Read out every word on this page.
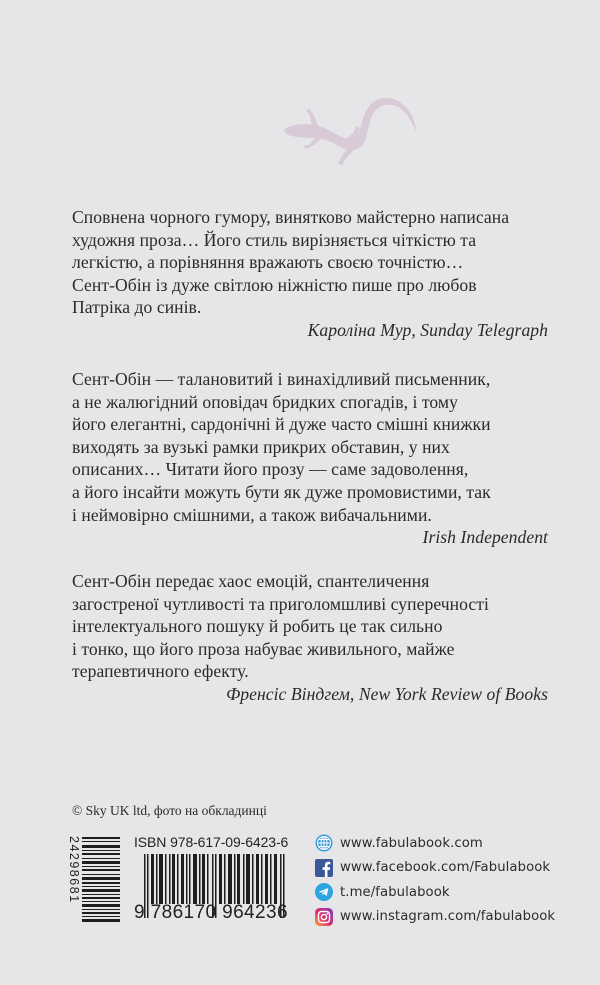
Сповнена чорного гумору, винятково майстерно написана

художня проза… Його стиль вирізняється чіткістю та

легкістю, а порівняння вражають своєю точністю…

Сент-Обін із дуже світлою ніжністю пише про любов

Патріка до синів.

Кароліна Мур, Sunday Telegraph

Сент-Обін — талановитий і винахідливий письменник,

а не жалюгідний оповідач бридких спогадів, і тому

його елегантні, сардонічні й дуже часто смішні книжки

виходять за вузькі рамки прикрих обставин, у них

описаних… Читати його прозу — саме задоволення,

а його інсайти можуть бути як дуже промовистими, так

і неймовірно смішними, а також вибачальними.

Irish Independent

Сент-Обін передає хаос емоцій, спантеличення

загостреної чутливості та приголомшливі суперечності

інтелектуального пошуку й робить це так сильно

і тонко, що його проза набуває живильного, майже

терапевтичного ефекту.

Френсіс Віндгем, New York Review of Books

© Sky UK ltd, фото на обкладинці
24298681	ISBN 978-617-09-6423-6
9 786170 964236
www.fabulabook.com
www.facebook.com/Fabulabook
t.me/fabulabook
www.instagram.com/fabulabook
